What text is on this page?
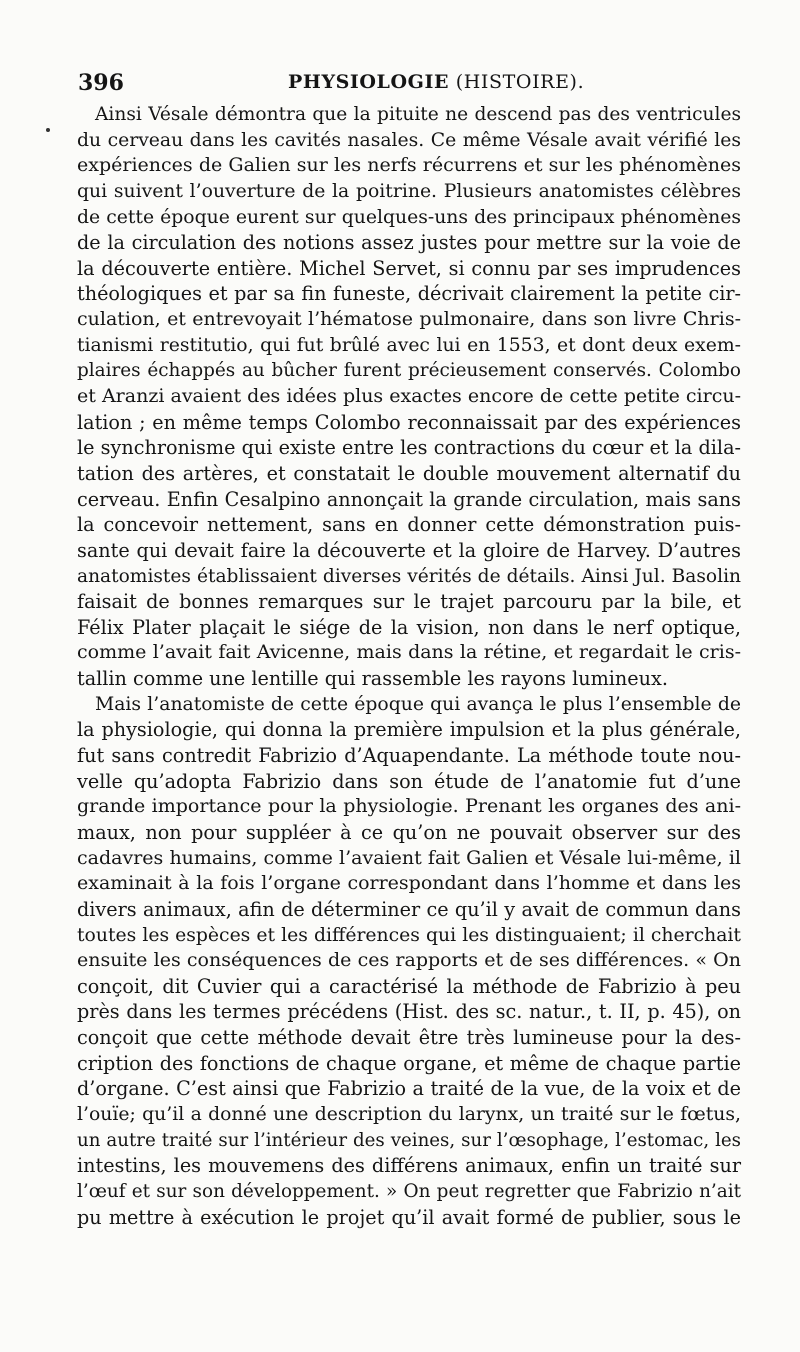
396	PHYSIOLOGIE (HISTOIRE).
Ainsi Vésale démontra que la pituite ne descend pas des ventricules
du cerveau dans les cavités nasales. Ce même Vésale avait vérifié les
expériences de Galien sur les nerfs récurrens et sur les phénomènes
qui suivent l’ouverture de la poitrine. Plusieurs anatomistes célèbres
de cette époque eurent sur quelques-uns des principaux phénomènes
de la circulation des notions assez justes pour mettre sur la voie de
la découverte entière. Michel Servet, si connu par ses imprudences
théologiques et par sa fin funeste, décrivait clairement la petite cir-
culation, et entrevoyait l’hématose pulmonaire, dans son livre Chris-
tianismi restitutio, qui fut brûlé avec lui en 1553, et dont deux exem-
plaires échappés au bûcher furent précieusement conservés. Colombo
et Aranzi avaient des idées plus exactes encore de cette petite circu-
lation ; en même temps Colombo reconnaissait par des expériences
le synchronisme qui existe entre les contractions du cœur et la dila-
tation des artères, et constatait le double mouvement alternatif du
cerveau. Enfin Cesalpino annonçait la grande circulation, mais sans
la concevoir nettement, sans en donner cette démonstration puis-
sante qui devait faire la découverte et la gloire de Harvey. D’autres
anatomistes établissaient diverses vérités de détails. Ainsi Jul. Basolin
faisait de bonnes remarques sur le trajet parcouru par la bile, et
Félix Plater plaçait le siége de la vision, non dans le nerf optique,
comme l’avait fait Avicenne, mais dans la rétine, et regardait le cris-
tallin comme une lentille qui rassemble les rayons lumineux.
Mais l’anatomiste de cette époque qui avança le plus l’ensemble de
la physiologie, qui donna la première impulsion et la plus générale,
fut sans contredit Fabrizio d’Aquapendante. La méthode toute nou-
velle qu’adopta Fabrizio dans son étude de l’anatomie fut d’une
grande importance pour la physiologie. Prenant les organes des ani-
maux, non pour suppléer à ce qu’on ne pouvait observer sur des
cadavres humains, comme l’avaient fait Galien et Vésale lui-même, il
examinait à la fois l’organe correspondant dans l’homme et dans les
divers animaux, afin de déterminer ce qu’il y avait de commun dans
toutes les espèces et les différences qui les distinguaient; il cherchait
ensuite les conséquences de ces rapports et de ses différences. « On
conçoit, dit Cuvier qui a caractérisé la méthode de Fabrizio à peu
près dans les termes précédens (Hist. des sc. natur., t. II, p. 45), on
conçoit que cette méthode devait être très lumineuse pour la des-
cription des fonctions de chaque organe, et même de chaque partie
d’organe. C’est ainsi que Fabrizio a traité de la vue, de la voix et de
l’ouïe; qu’il a donné une description du larynx, un traité sur le fœtus,
un autre traité sur l’intérieur des veines, sur l’œsophage, l’estomac, les
intestins, les mouvemens des différens animaux, enfin un traité sur
l’œuf et sur son développement. » On peut regretter que Fabrizio n’ait
pu mettre à exécution le projet qu’il avait formé de publier, sous le
